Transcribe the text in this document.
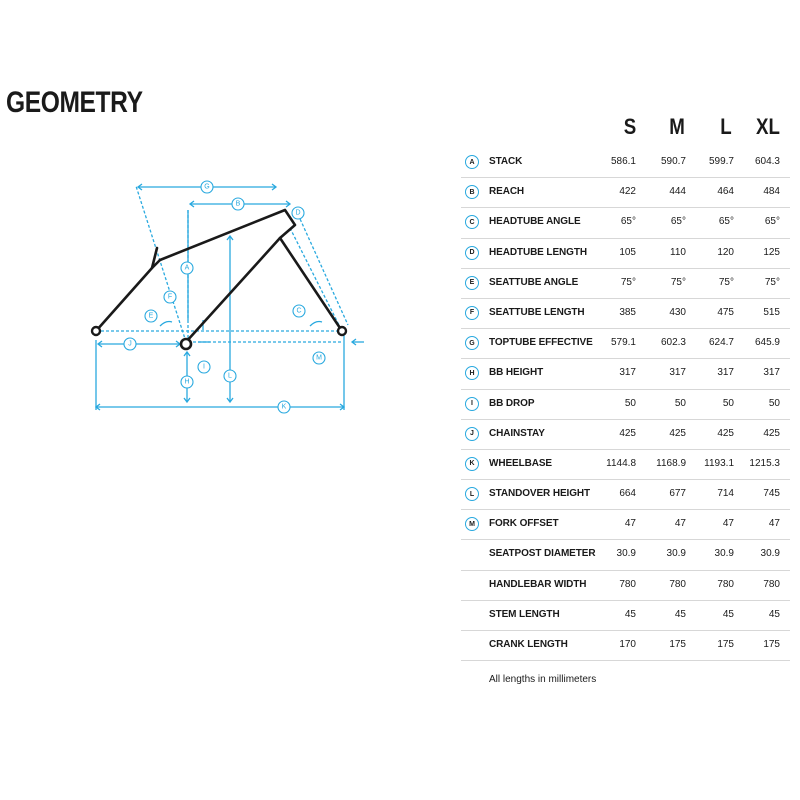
GEOMETRY
A
B
C
D
E
F
G
H
I
J
K
L
M
S	M	L	XL
A	STACK	586.1	590.7	599.7	604.3
B	REACH	422	444	464	484
C	HEADTUBE ANGLE	65°	65°	65°	65°
D	HEADTUBE LENGTH	105	110	120	125
E	SEATTUBE ANGLE	75°	75°	75°	75°
F	SEATTUBE LENGTH	385	430	475	515
G	TOPTUBE EFFECTIVE	579.1	602.3	624.7	645.9
H	BB HEIGHT	317	317	317	317
I	BB DROP	50	50	50	50
J	CHAINSTAY	425	425	425	425
K	WHEELBASE	1144.8	1168.9	1193.1	1215.3
L	STANDOVER HEIGHT	664	677	714	745
M	FORK OFFSET	47	47	47	47
SEATPOST DIAMETER	30.9	30.9	30.9	30.9
HANDLEBAR WIDTH	780	780	780	780
STEM LENGTH	45	45	45	45
CRANK LENGTH	170	175	175	175
All lengths in millimeters
